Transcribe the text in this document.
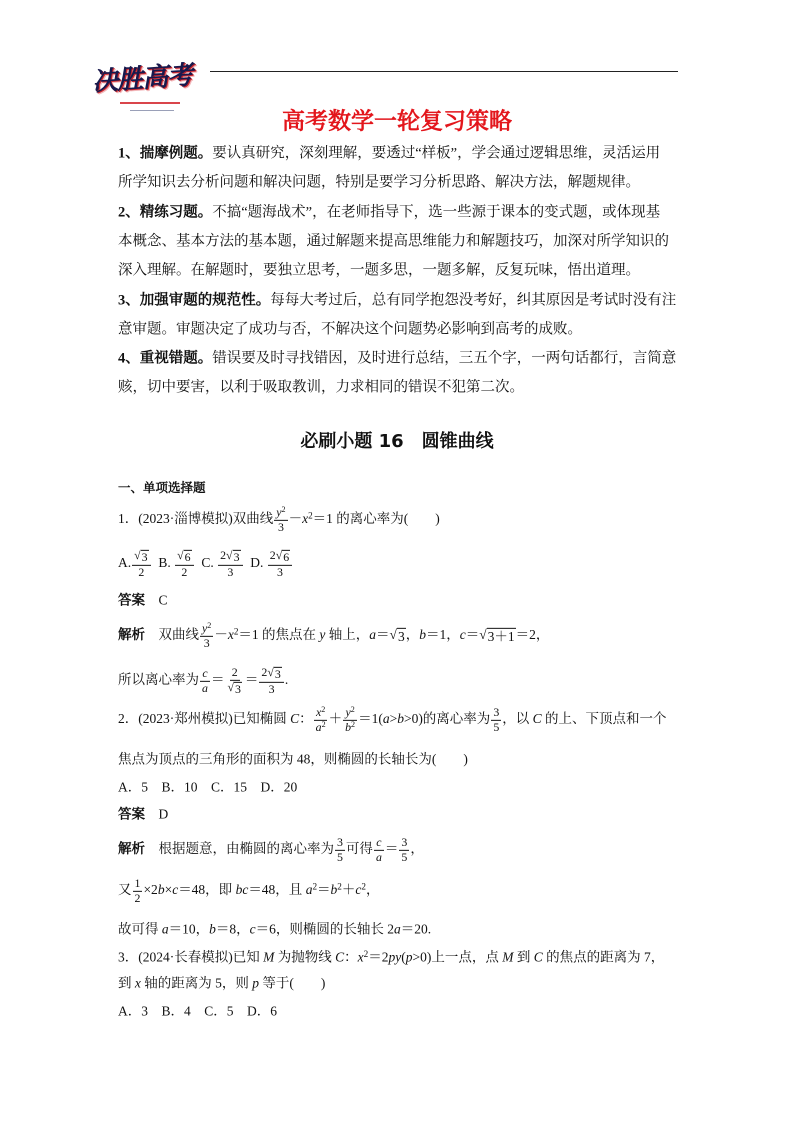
决胜高考
高考数学一轮复习策略
1、揣摩例题。要认真研究，深刻理解，要透过“样板”，学会通过逻辑思维，灵活运用
所学知识去分析问题和解决问题，特别是要学习分析思路、解决方法，解题规律。
2、精练习题。不搞“题海战术”，在老师指导下，选一些源于课本的变式题，或体现基
本概念、基本方法的基本题，通过解题来提高思维能力和解题技巧，加深对所学知识的
深入理解。在解题时，要独立思考，一题多思，一题多解，反复玩味，悟出道理。
3、加强审题的规范性。每每大考过后，总有同学抱怨没考好，纠其原因是考试时没有注
意审题。审题决定了成功与否，不解决这个问题势必影响到高考的成败。
4、重视错题。错误要及时寻找错因，及时进行总结，三五个字，一两句话都行，言简意
赅，切中要害，以利于吸取教训，力求相同的错误不犯第二次。
必刷小题 16　圆锥曲线
一、单项选择题
1．(2023·淄博模拟)双曲线 $\frac{y^2}{3} -x^2=1$ 的离心率为(　　)
A.
√ $\frac{3}{2} B$.
√ $\frac{6}{2} C$. 2
√ 3
3 D. 2
√ 6
3
答案　C
解析　双曲线 $\frac{y^2}{3} -x^2=1$ 的焦点在 y 轴上，a＝
√ 3 ，b＝1，c＝
√ 3＋1 ＝2，
所以离心率为 $\frac{c}{a} = 2$
√ 3 ＝ 2
√ 3
3 .
2．(2023·郑州模拟)已知椭圆 C： $\frac{x^2}{a^2} + \frac{y^2}{b^2} =1(a>b>0)$的离心率为 $\frac{3}{5}$ ，以 C 的上、下顶点和一个
焦点为顶点的三角形的面积为 48，则椭圆的长轴长为(　　)
A．5　B．10　C．15　D．20
答案　D
解析　根据题意，由椭圆的离心率为 $\frac{3}{5}$ 可得 $\frac{c}{a} = \frac{3}{5}$ ，
又 $\frac{1}{2} \times 2b\times c=48$，即 bc＝48，且 $a^2=b^2+c^2$，
故可得 a＝10，b＝8，c＝6，则椭圆的长轴长 2a＝20.
3．(2024·长春模拟)已知 M 为抛物线 C：$x^2=2py(p>0)$上一点，点 M 到 C 的焦点的距离为 7，
到 x 轴的距离为 5，则 p 等于(　　)
A．3　B．4　C．5　D．6
